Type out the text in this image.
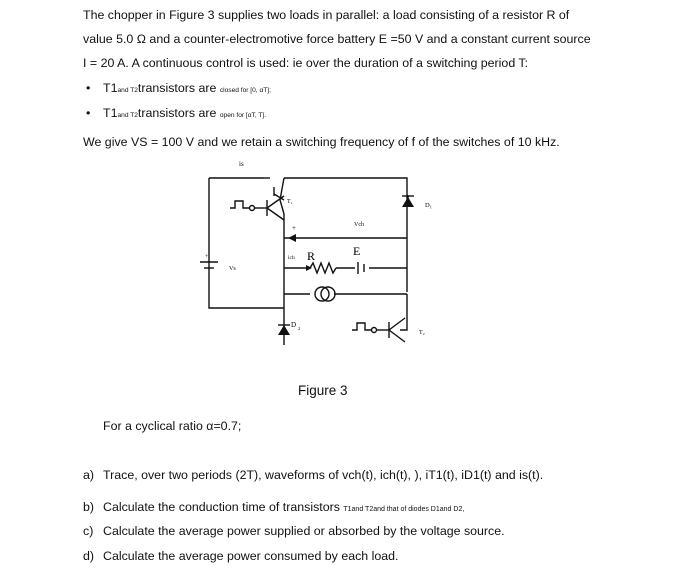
The chopper in Figure 3 supplies two loads in parallel: a load consisting of a resistor R of
value 5.0 Ω and a counter-electromotive force battery E =50 V and a constant current source
I = 20 A. A continuous control is used: ie over the duration of a switching period T:
• T1and T2transistors are closed for [0, αT];
• T1and T2transistors are open for [αT, T].
We give VS = 100 V and we retain a switching frequency of f of the switches of 10 kHz.
is
T₁	D₁
Vch
+
-
R	E
ich
Vs
+
D 2
T₂
Figure 3
For a cyclical ratio α=0.7;
a) Trace, over two periods (2T), waveforms of vch(t), ich(t), ), iT1(t), iD1(t) and is(t).
b) Calculate the conduction time of transistors T1and T2and that of diodes D1and D2,
c) Calculate the average power supplied or absorbed by the voltage source.
d) Calculate the average power consumed by each load.
